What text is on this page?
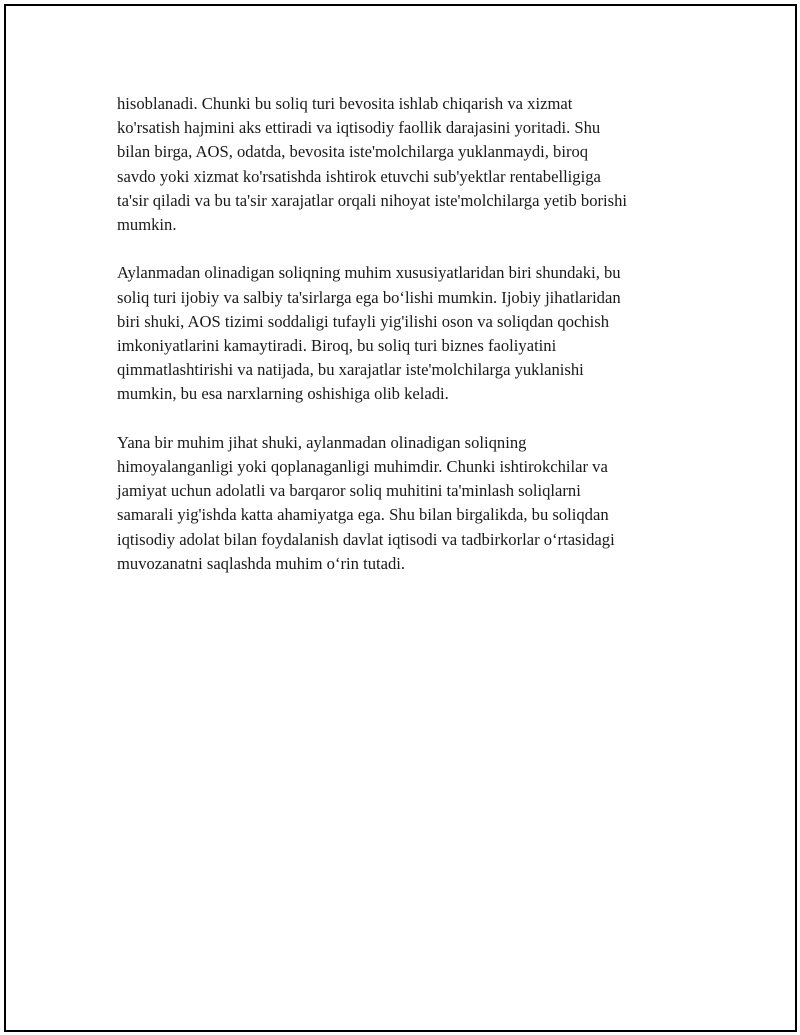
hisoblanadi. Chunki bu soliq turi bevosita ishlab chiqarish va xizmat
ko'rsatish hajmini aks ettiradi va iqtisodiy faollik darajasini yoritadi. Shu
bilan birga, AOS, odatda, bevosita iste'molchilarga yuklanmaydi, biroq
savdo yoki xizmat ko'rsatishda ishtirok etuvchi sub'yektlar rentabelligiga
ta'sir qiladi va bu ta'sir xarajatlar orqali nihoyat iste'molchilarga yetib borishi
mumkin.

Aylanmadan olinadigan soliqning muhim xususiyatlaridan biri shundaki, bu
soliq turi ijobiy va salbiy ta'sirlarga ega bo‘lishi mumkin. Ijobiy jihatlaridan
biri shuki, AOS tizimi soddaligi tufayli yig'ilishi oson va soliqdan qochish
imkoniyatlarini kamaytiradi. Biroq, bu soliq turi biznes faoliyatini
qimmatlashtirishi va natijada, bu xarajatlar iste'molchilarga yuklanishi
mumkin, bu esa narxlarning oshishiga olib keladi.

Yana bir muhim jihat shuki, aylanmadan olinadigan soliqning
himoyalanganligi yoki qoplanaganligi muhimdir. Chunki ishtirokchilar va
jamiyat uchun adolatli va barqaror soliq muhitini ta'minlash soliqlarni
samarali yig'ishda katta ahamiyatga ega. Shu bilan birgalikda, bu soliqdan
iqtisodiy adolat bilan foydalanish davlat iqtisodi va tadbirkorlar o‘rtasidagi
muvozanatni saqlashda muhim o‘rin tutadi.
